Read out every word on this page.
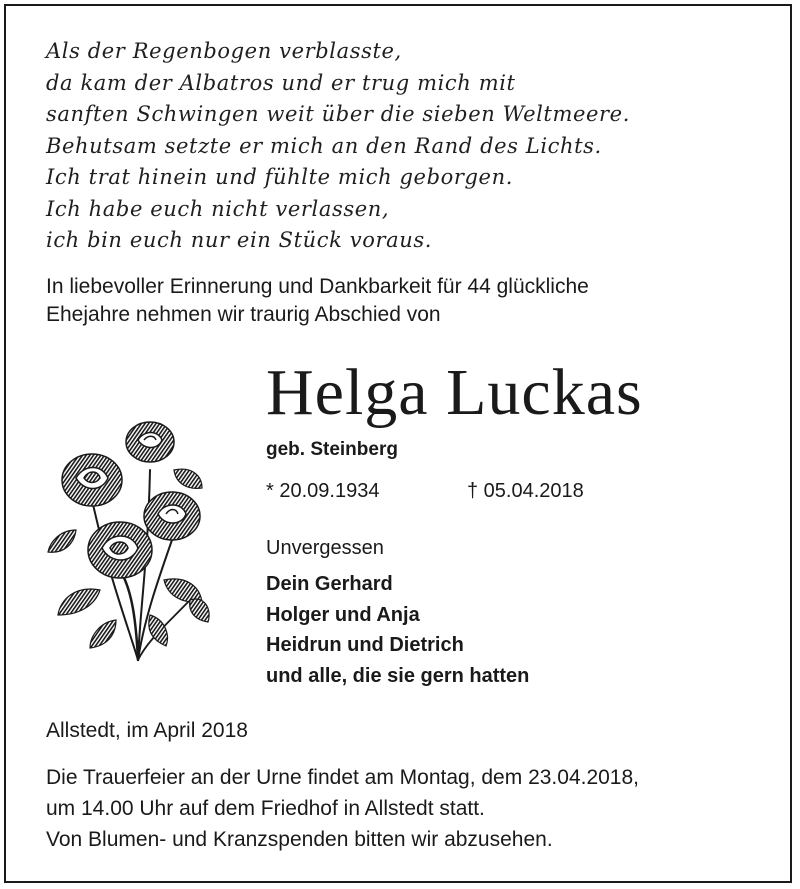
Als der Regenbogen verblasste,
da kam der Albatros und er trug mich mit
sanften Schwingen weit über die sieben Weltmeere.
Behutsam setzte er mich an den Rand des Lichts.
Ich trat hinein und fühlte mich geborgen.
Ich habe euch nicht verlassen,
ich bin euch nur ein Stück voraus.
In liebevoller Erinnerung und Dankbarkeit für 44 glückliche
Ehejahre nehmen wir traurig Abschied von
Helga Luckas
geb. Steinberg
* 20.09.1934	† 05.04.2018
Unvergessen
Dein Gerhard
Holger und Anja
Heidrun und Dietrich
und alle, die sie gern hatten
Allstedt, im April 2018
Die Trauerfeier an der Urne findet am Montag, dem 23.04.2018,
um 14.00 Uhr auf dem Friedhof in Allstedt statt.
Von Blumen- und Kranzspenden bitten wir abzusehen.
